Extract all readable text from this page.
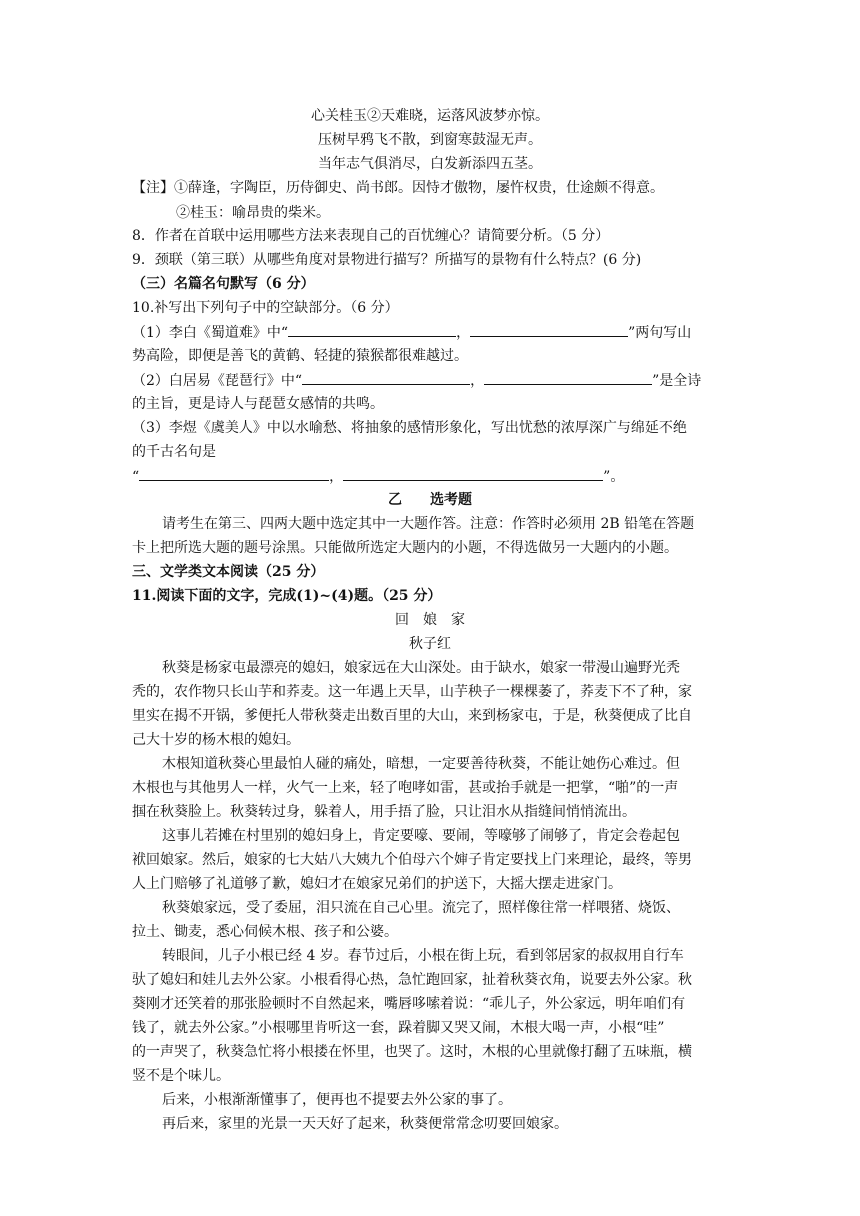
心关桂玉②天难晓，运落风波梦亦惊。
压树早鸦飞不散，到窗寒鼓湿无声。
当年志气俱消尽，白发新添四五茎。
【注】①薛逢，字陶臣，历侍御史、尚书郎。因恃才傲物，屡忤权贵，仕途颇不得意。
②桂玉：喻昂贵的柴米。
8．作者在首联中运用哪些方法来表现自己的百忧缠心？请简要分析。（5 分）
9．颈联（第三联）从哪些角度对景物进行描写？所描写的景物有什么特点？(6 分)
（三）名篇名句默写（6 分）
10.补写出下列句子中的空缺部分。（6 分）
（1）李白《蜀道难》中“	，	”两句写山
势高险，即便是善飞的黄鹤、轻捷的猿猴都很难越过。
（2）白居易《琵琶行》中“	，	”是全诗
的主旨，更是诗人与琵琶女感情的共鸣。
（3）李煜《虞美人》中以水喻愁、将抽象的感情形象化，写出忧愁的浓厚深广与绵延不绝
的千古名句是
“	，	”。
乙　　选考题
请考生在第三、四两大题中选定其中一大题作答。注意：作答时必须用 2B 铅笔在答题
卡上把所选大题的题号涂黑。只能做所选定大题内的小题，不得选做另一大题内的小题。
三、文学类文本阅读（25 分）
11.阅读下面的文字，完成(1)~(4)题。（25 分）
回　娘　家
秋子红
秋葵是杨家屯最漂亮的媳妇，娘家远在大山深处。由于缺水，娘家一带漫山遍野光秃
秃的，农作物只长山芋和荞麦。这一年遇上天旱，山芋秧子一棵棵萎了，荞麦下不了种，家
里实在揭不开锅，爹便托人带秋葵走出数百里的大山，来到杨家屯，于是，秋葵便成了比自
己大十岁的杨木根的媳妇。
木根知道秋葵心里最怕人碰的痛处，暗想，一定要善待秋葵，不能让她伤心难过。但
木根也与其他男人一样，火气一上来，轻了咆哮如雷，甚或抬手就是一把掌，“啪”的一声
掴在秋葵脸上。秋葵转过身，躲着人，用手捂了脸，只让泪水从指缝间悄悄流出。
这事儿若摊在村里别的媳妇身上，肯定要嚎、要闹，等嚎够了闹够了，肯定会卷起包
袱回娘家。然后，娘家的七大姑八大姨九个伯母六个婶子肯定要找上门来理论，最终，等男
人上门赔够了礼道够了歉，媳妇才在娘家兄弟们的护送下，大摇大摆走进家门。
秋葵娘家远，受了委屈，泪只流在自己心里。流完了，照样像往常一样喂猪、烧饭、
拉土、锄麦，悉心伺候木根、孩子和公婆。
转眼间，儿子小根已经 4 岁。春节过后，小根在街上玩，看到邻居家的叔叔用自行车
驮了媳妇和娃儿去外公家。小根看得心热，急忙跑回家，扯着秋葵衣角，说要去外公家。秋
葵刚才还笑着的那张脸顿时不自然起来，嘴唇哆嗦着说：“乖儿子，外公家远，明年咱们有
钱了，就去外公家。”小根哪里肯听这一套，跺着脚又哭又闹，木根大喝一声，小根“哇”
的一声哭了，秋葵急忙将小根搂在怀里，也哭了。这时，木根的心里就像打翻了五味瓶，横
竖不是个味儿。
后来，小根渐渐懂事了，便再也不提要去外公家的事了。
再后来，家里的光景一天天好了起来，秋葵便常常念叨要回娘家。
